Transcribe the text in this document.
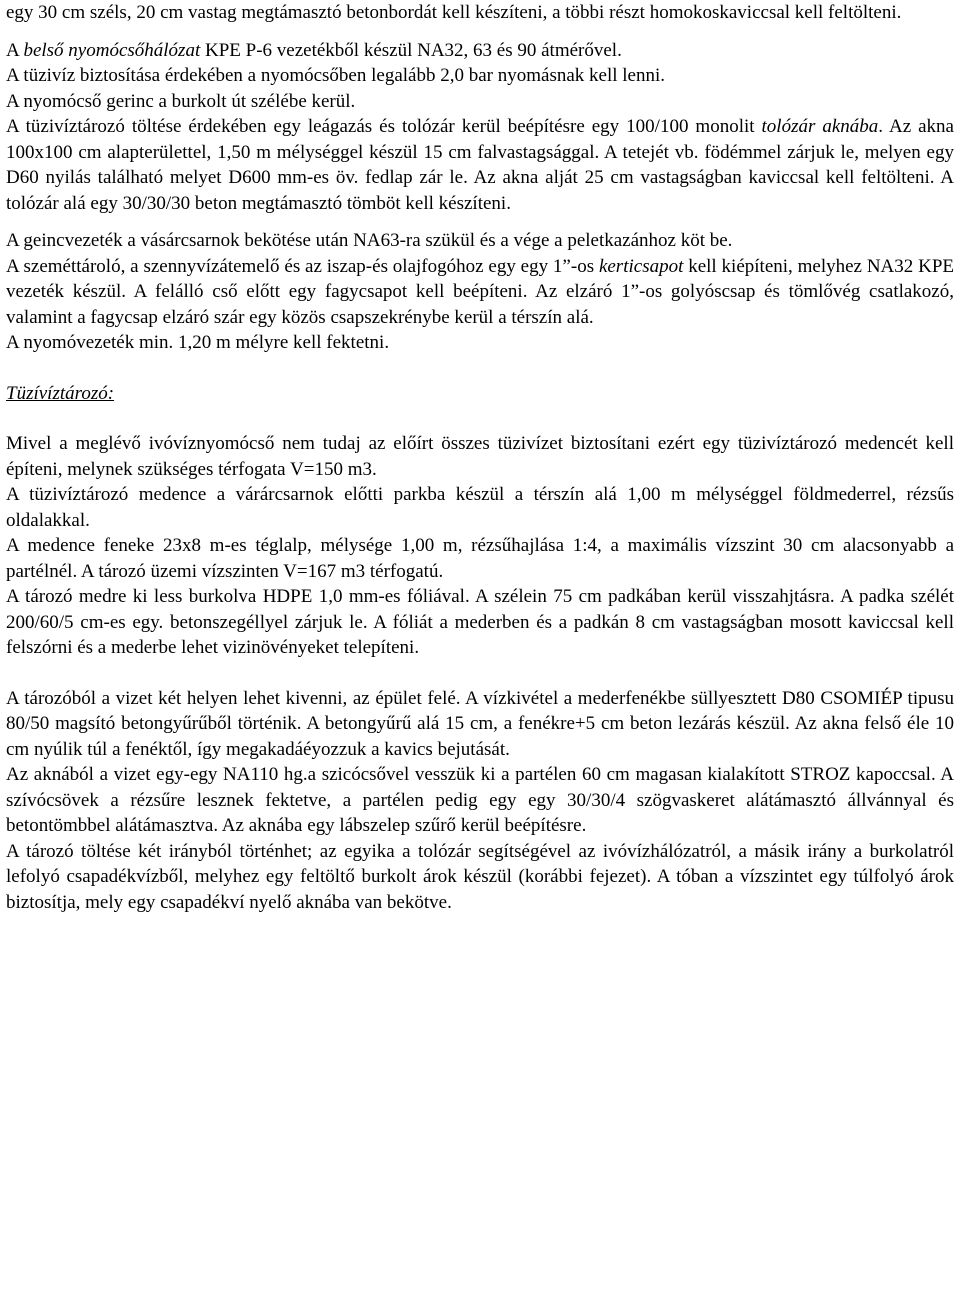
egy 30 cm széls, 20 cm vastag megtámasztó betonbordát kell készíteni, a többi részt homokoskaviccsal kell feltölteni.

A belső nyomócsőhálózat KPE P-6 vezetékből készül NA32, 63 és 90 átmérővel.

A tüzivíz biztosítása érdekében a nyomócsőben legalább 2,0 bar nyomásnak kell lenni.

A nyomócső gerinc a burkolt út szélébe kerül.

A tüzivíztározó töltése érdekében egy leágazás és tolózár kerül beépítésre egy 100/100 monolit tolózár aknába. Az akna 100x100 cm alapterülettel, 1,50 m mélységgel készül 15 cm falvastagsággal. A tetejét vb. födémmel zárjuk le, melyen egy D60 nyilás található melyet D600 mm-es öv. fedlap zár le. Az akna alját 25 cm vastagságban kaviccsal kell feltölteni. A tolózár alá egy 30/30/30 beton megtámasztó tömböt kell készíteni.

A geincvezeték a vásárcsarnok bekötése után NA63-ra szükül és a vége a peletkazánhoz köt be.

A szeméttároló, a szennyvízátemelő és az iszap-és olajfogóhoz egy egy 1”-os kerticsapot kell kiépíteni, melyhez NA32 KPE vezeték készül. A felálló cső előtt egy fagycsapot kell beépíteni. Az elzáró 1”-os golyóscsap és tömlővég csatlakozó, valamint a fagycsap elzáró szár egy közös csapszekrénybe kerül a térszín alá.

A nyomóvezeték min. 1,20 m mélyre kell fektetni.

Tüzívíztározó:

Mivel a meglévő ivóvíznyomócső nem tudaj az előírt összes tüzivízet biztosítani ezért egy tüzivíztározó medencét kell építeni, melynek szükséges térfogata V=150 m3.

A tüzivíztározó medence a várárcsarnok előtti parkba készül a térszín alá 1,00 m mélységgel földmederrel, rézsűs oldalakkal.

A medence feneke 23x8 m-es téglalp, mélysége 1,00 m, rézsűhajlása 1:4, a maximális vízszint 30 cm alacsonyabb a partélnél. A tározó üzemi vízszinten V=167 m3 térfogatú.

A tározó medre ki less burkolva HDPE 1,0 mm-es fóliával. A szélein 75 cm padkában kerül visszahjtásra. A padka szélét 200/60/5 cm-es egy. betonszegéllyel zárjuk le. A fóliát a mederben és a padkán 8 cm vastagságban mosott kaviccsal kell felszórni és a mederbe lehet vizinövényeket telepíteni.

A tározóból a vizet két helyen lehet kivenni, az épület felé. A vízkivétel a mederfenékbe süllyesztett D80 CSOMIÉP tipusu 80/50 magsító betongyűrűből történik. A betongyűrű alá 15 cm, a fenékre+5 cm beton lezárás készül. Az akna felső éle 10 cm nyúlik túl a fenéktől, így megakadáéyozzuk a kavics bejutását.

Az aknából a vizet egy-egy NA110 hg.a szicócsővel vesszük ki a partélen 60 cm magasan kialakított STROZ kapoccsal. A szívócsövek a rézsűre lesznek fektetve, a partélen pedig egy egy 30/30/4 szögvaskeret alátámasztó állvánnyal és betontömbbel alátámasztva. Az aknába egy lábszelep szűrő kerül beépítésre.

A tározó töltése két irányból történhet; az egyika a tolózár segítségével az ivóvízhálózatról, a másik irány a burkolatról lefolyó csapadékvízből, melyhez egy feltöltő burkolt árok készül (korábbi fejezet). A tóban a vízszintet egy túlfolyó árok biztosítja, mely egy csapadékví nyelő aknába van bekötve.
